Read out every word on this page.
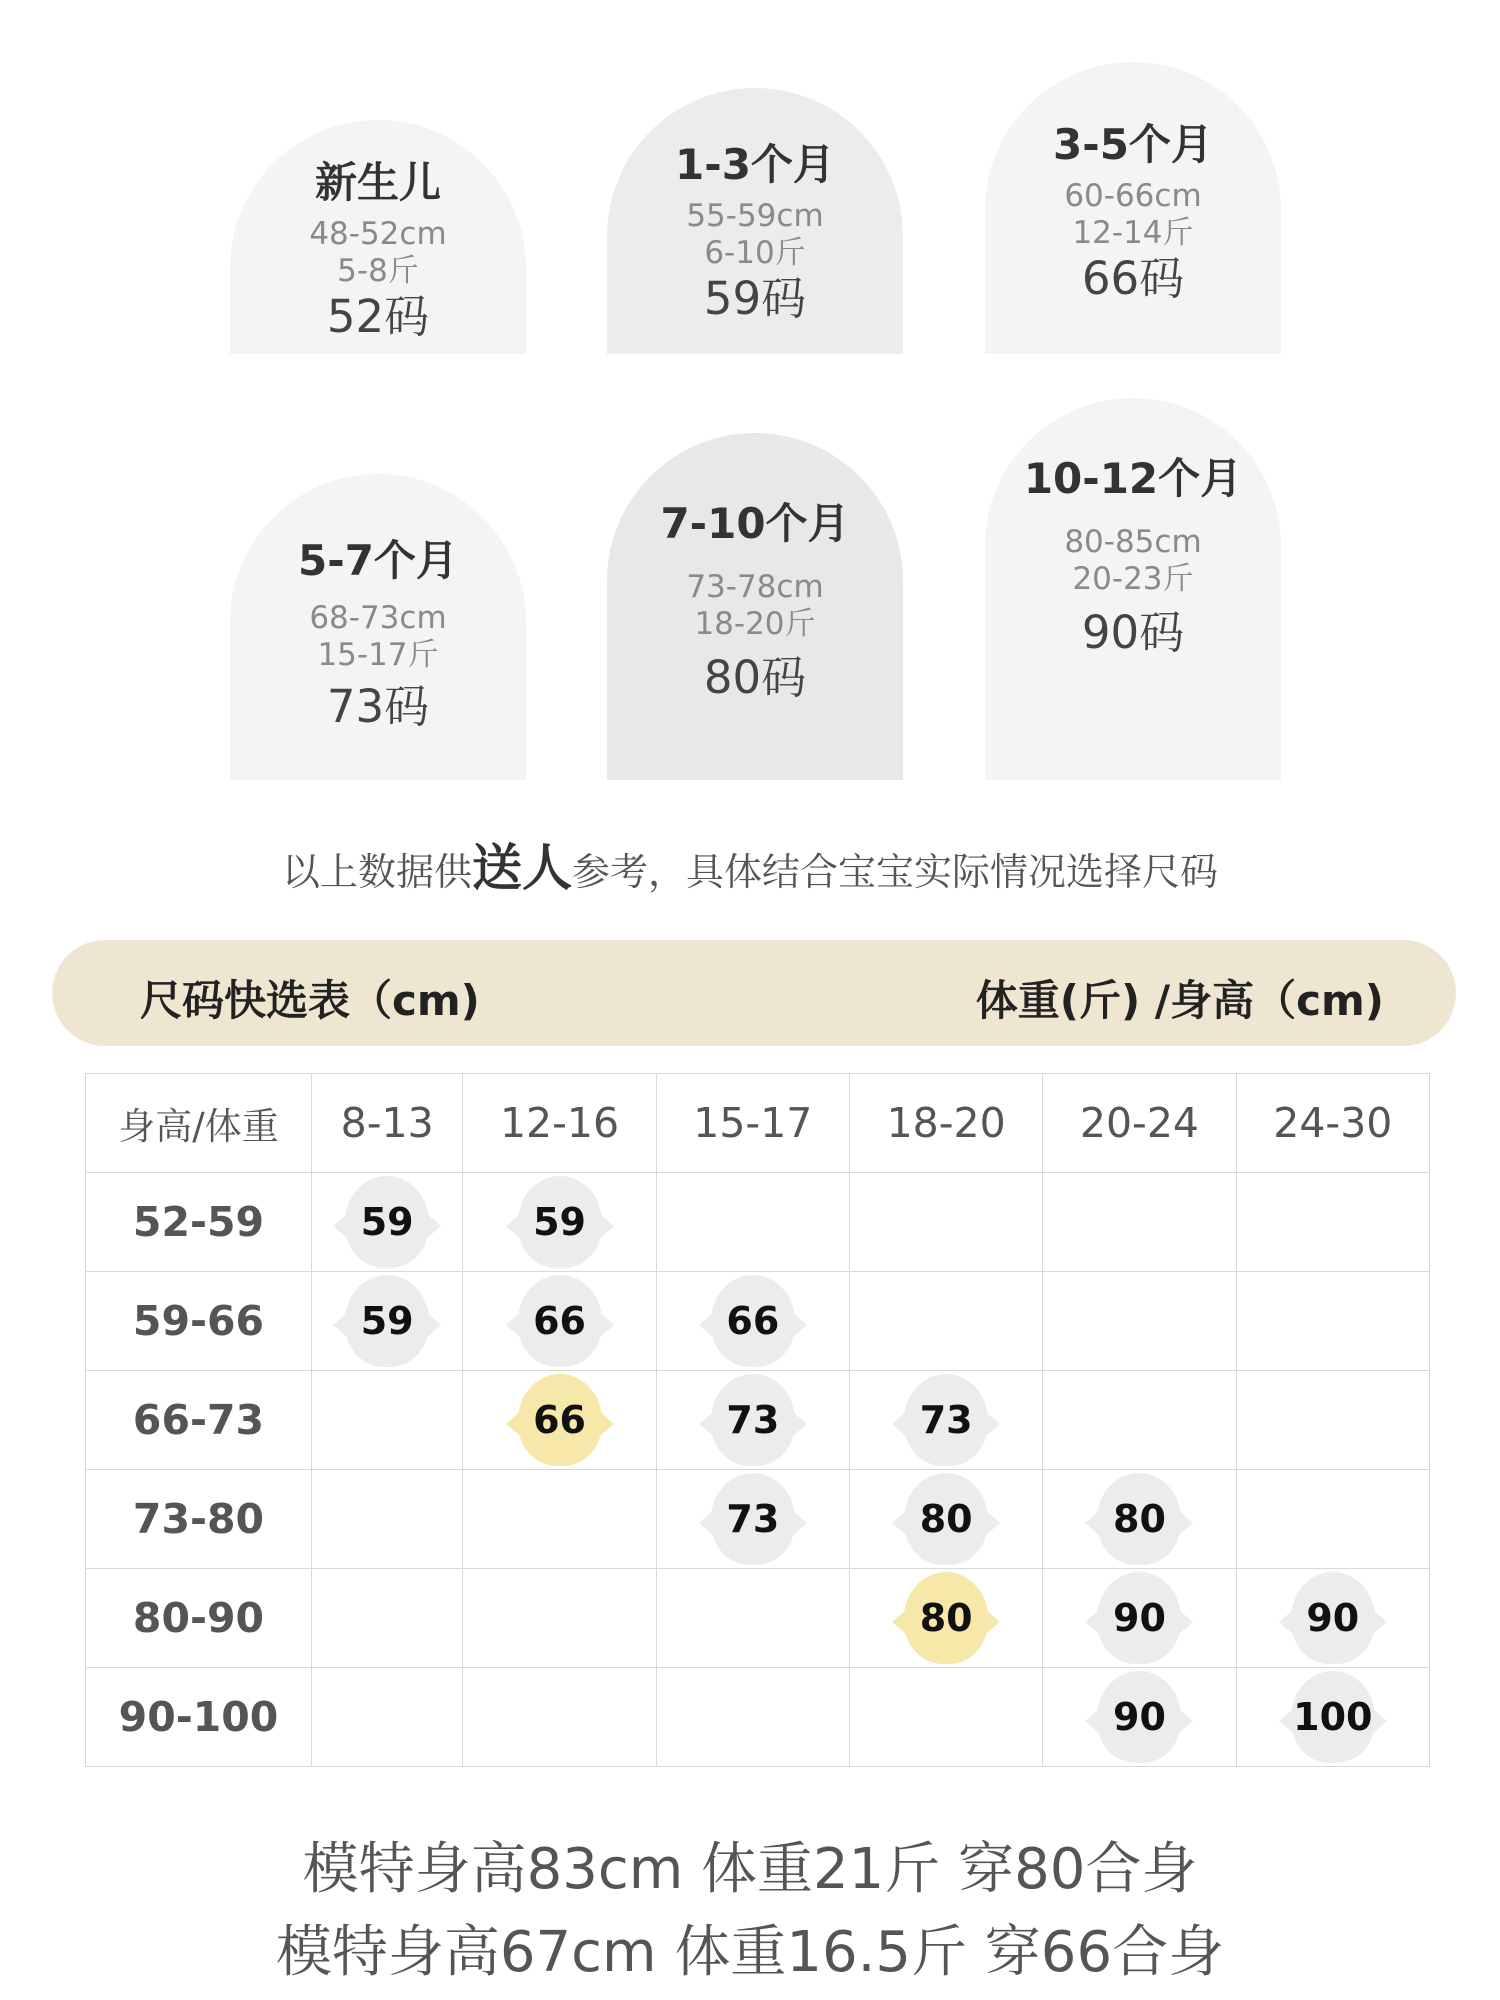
新生儿
48-52cm
5-8斤
52码
1-3个月
55-59cm
6-10斤
59码
3-5个月
60-66cm
12-14斤
66码
5-7个月
68-73cm
15-17斤
73码
7-10个月
73-78cm
18-20斤
80码
10-12个月
80-85cm
20-23斤
90码
以上数据供送人参考，具体结合宝宝实际情况选择尺码
尺码快选表（cm)	体重(斤) /身高（cm)
身高/体重	8-13	12-16	15-17	18-20	20-24	24-30
52-59	59	59				
59-66	59	66	66			
66-73		66	73	73		
73-80			73	80	80	
80-90				80	90	90
90-100					90	100
模特身高83cm 体重21斤 穿80合身
模特身高67cm 体重16.5斤 穿66合身
